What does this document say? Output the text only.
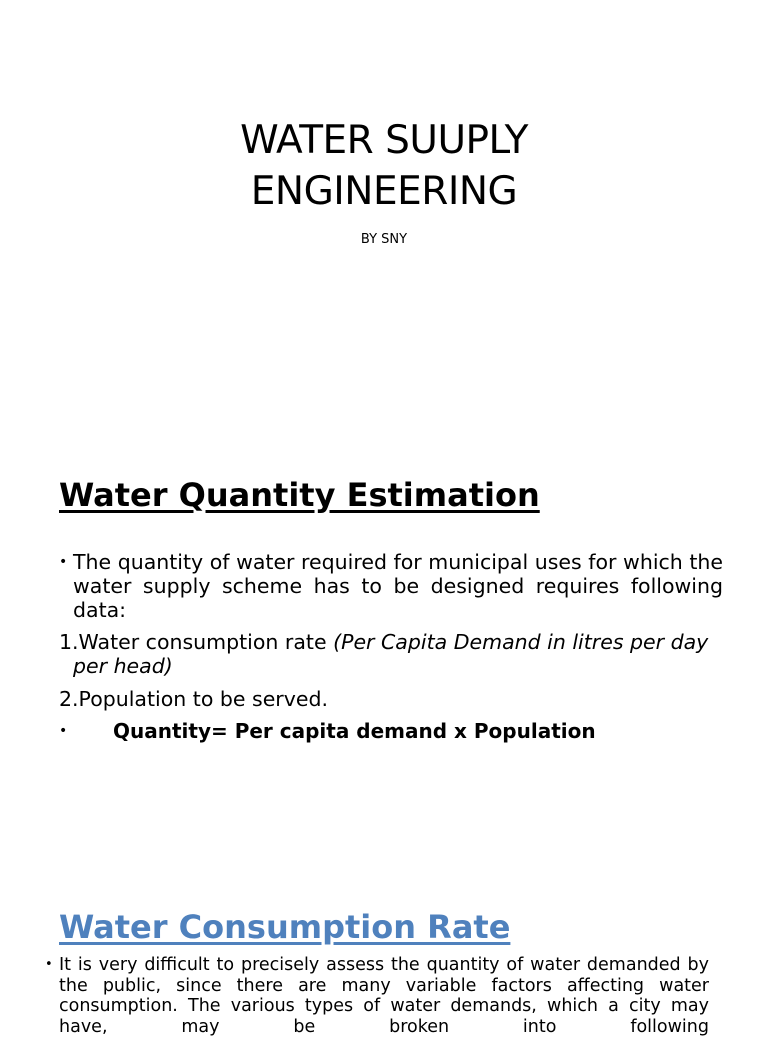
WATER SUUPLY
ENGINEERING
BY SNY
Water Quantity Estimation
• The quantity of water required for municipal uses for which the water supply scheme has to be designed requires following data:
1.Water consumption rate (Per Capita Demand in litres per day per head)
2.Population to be served.
• Quantity= Per capita demand x Population
Water Consumption Rate
• It is very difficult to precisely assess the quantity of water demanded by the public, since there are many variable factors affecting water consumption. The various types of water demands, which a city may have, may be broken into following
